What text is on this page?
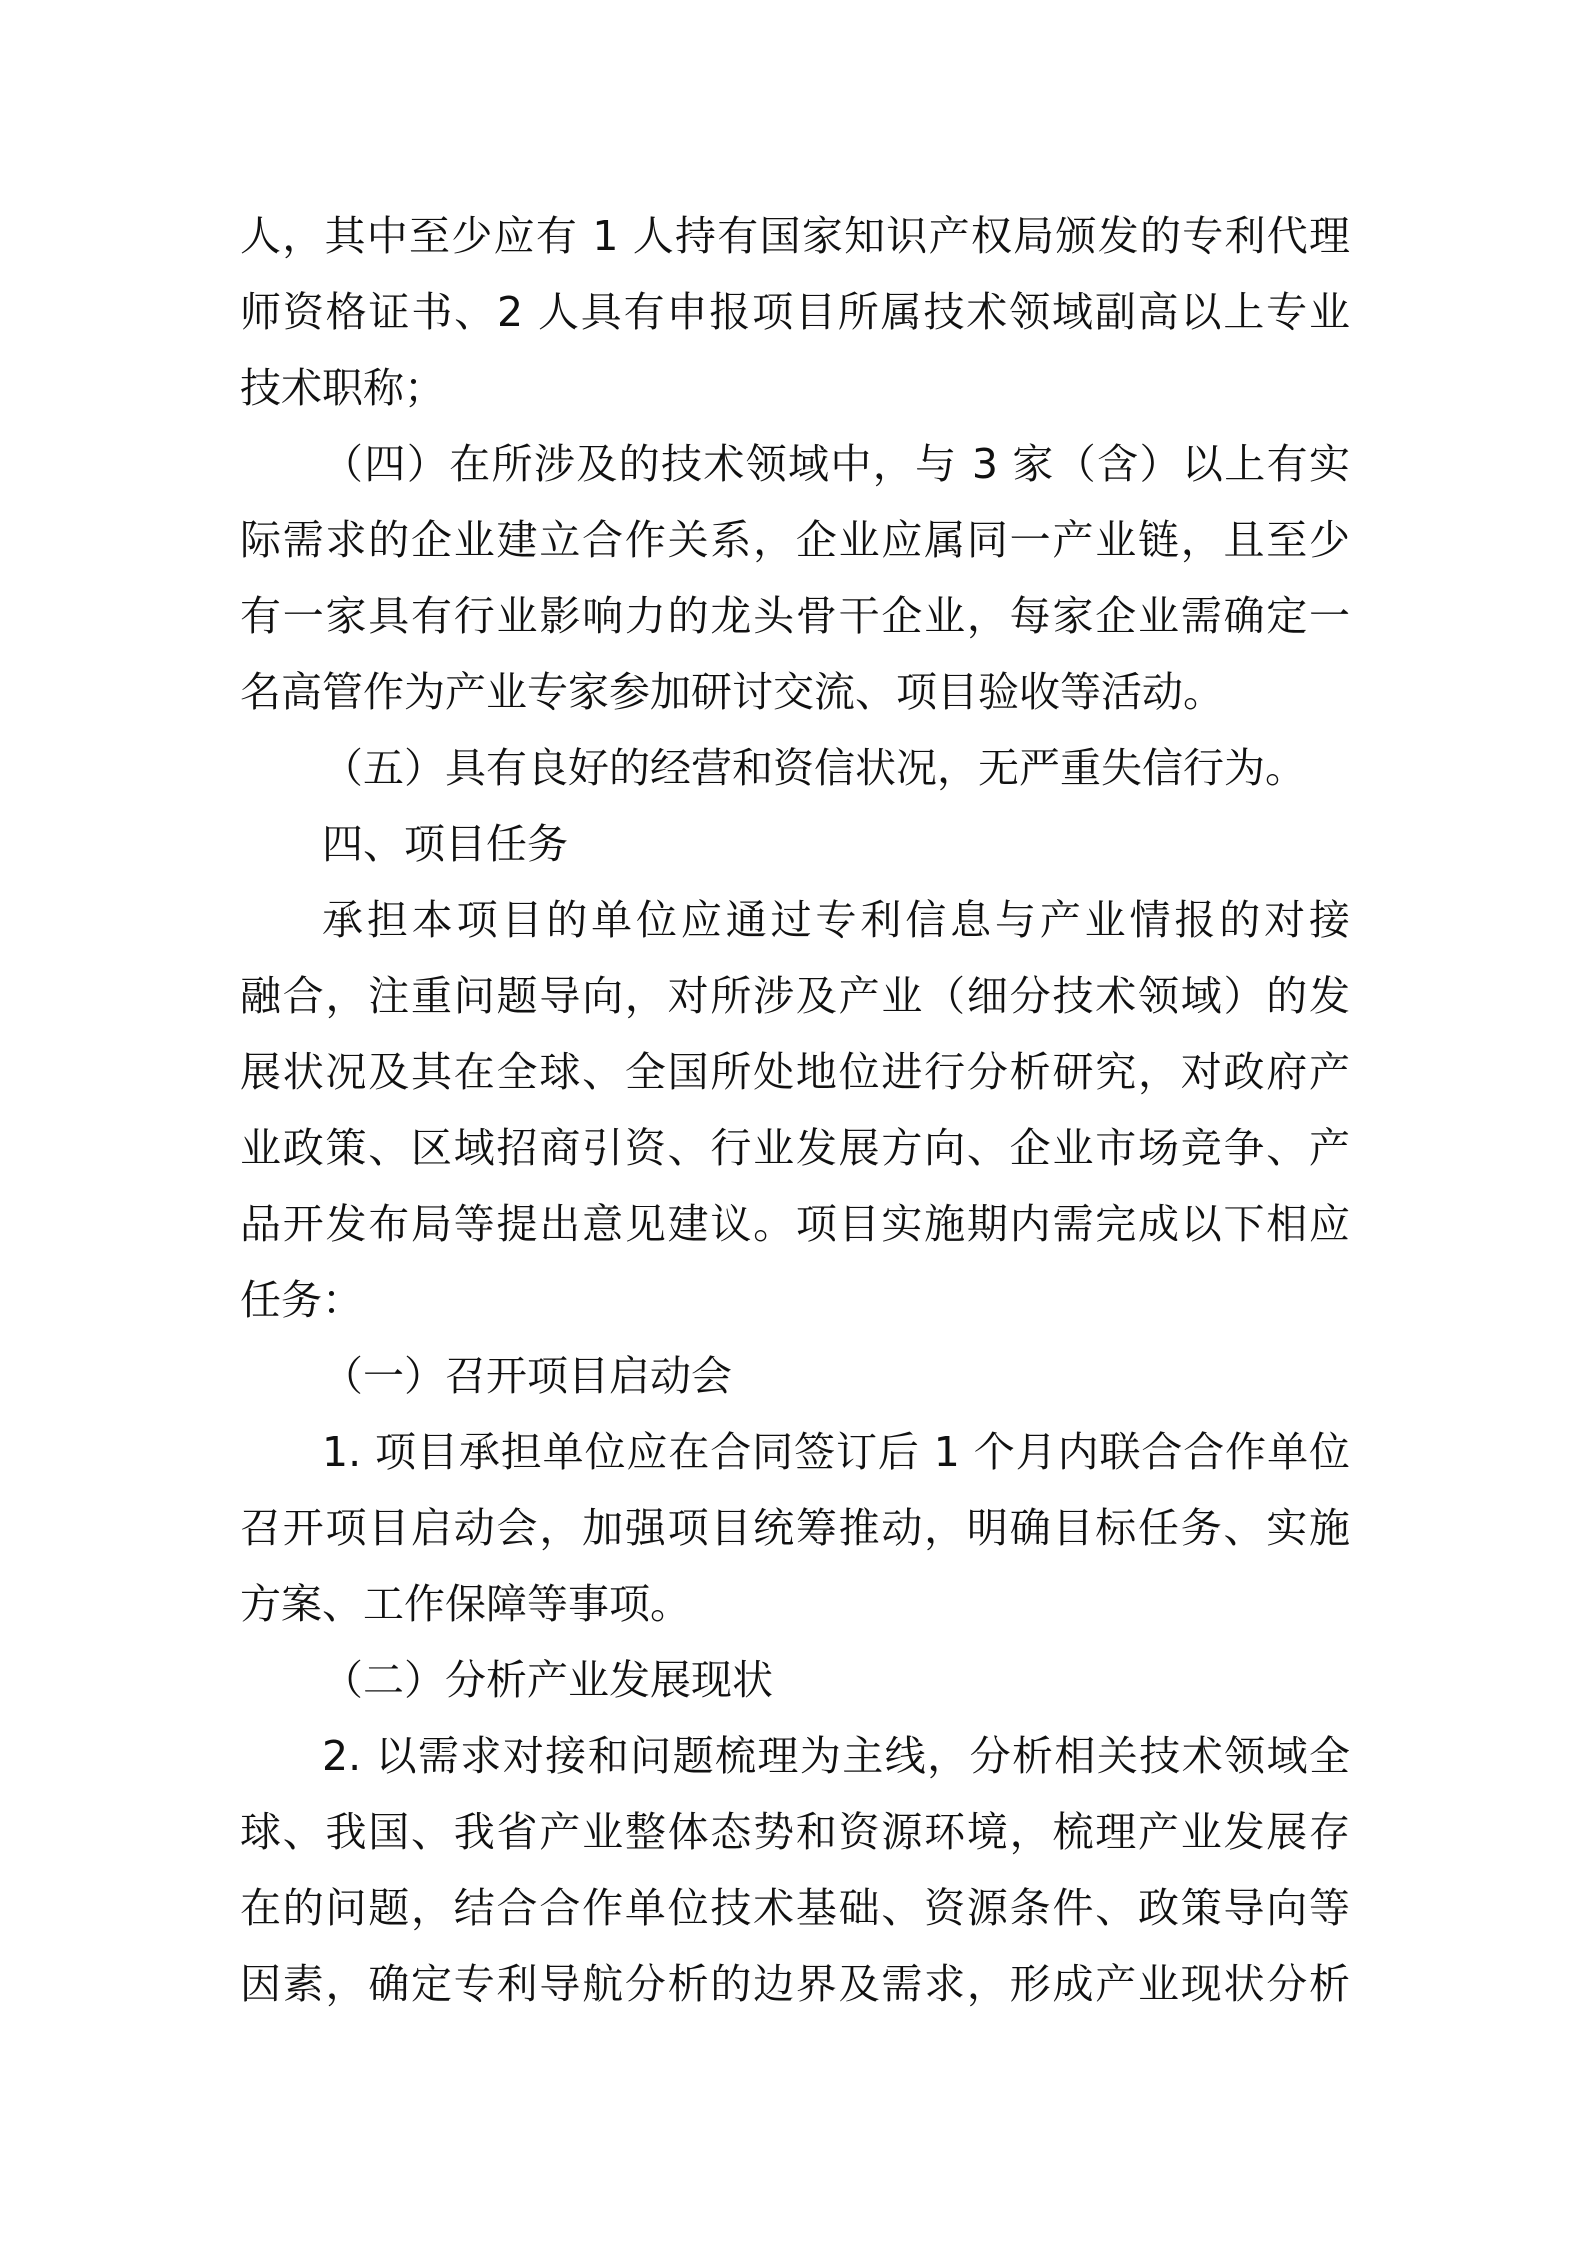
人，其中至少应有 1 人持有国家知识产权局颁发的专利代理
师资格证书、2 人具有申报项目所属技术领域副高以上专业
技术职称；
（四）在所涉及的技术领域中，与 3 家（含）以上有实
际需求的企业建立合作关系，企业应属同一产业链，且至少
有一家具有行业影响力的龙头骨干企业，每家企业需确定一
名高管作为产业专家参加研讨交流、项目验收等活动。
（五）具有良好的经营和资信状况，无严重失信行为。
四、项目任务
承担本项目的单位应通过专利信息与产业情报的对接
融合，注重问题导向，对所涉及产业（细分技术领域）的发
展状况及其在全球、全国所处地位进行分析研究，对政府产
业政策、区域招商引资、行业发展方向、企业市场竞争、产
品开发布局等提出意见建议。项目实施期内需完成以下相应
任务：
（一）召开项目启动会
1. 项目承担单位应在合同签订后 1 个月内联合合作单位
召开项目启动会，加强项目统筹推动，明确目标任务、实施
方案、工作保障等事项。
（二）分析产业发展现状
2. 以需求对接和问题梳理为主线，分析相关技术领域全
球、我国、我省产业整体态势和资源环境，梳理产业发展存
在的问题，结合合作单位技术基础、资源条件、政策导向等
因素，确定专利导航分析的边界及需求，形成产业现状分析
